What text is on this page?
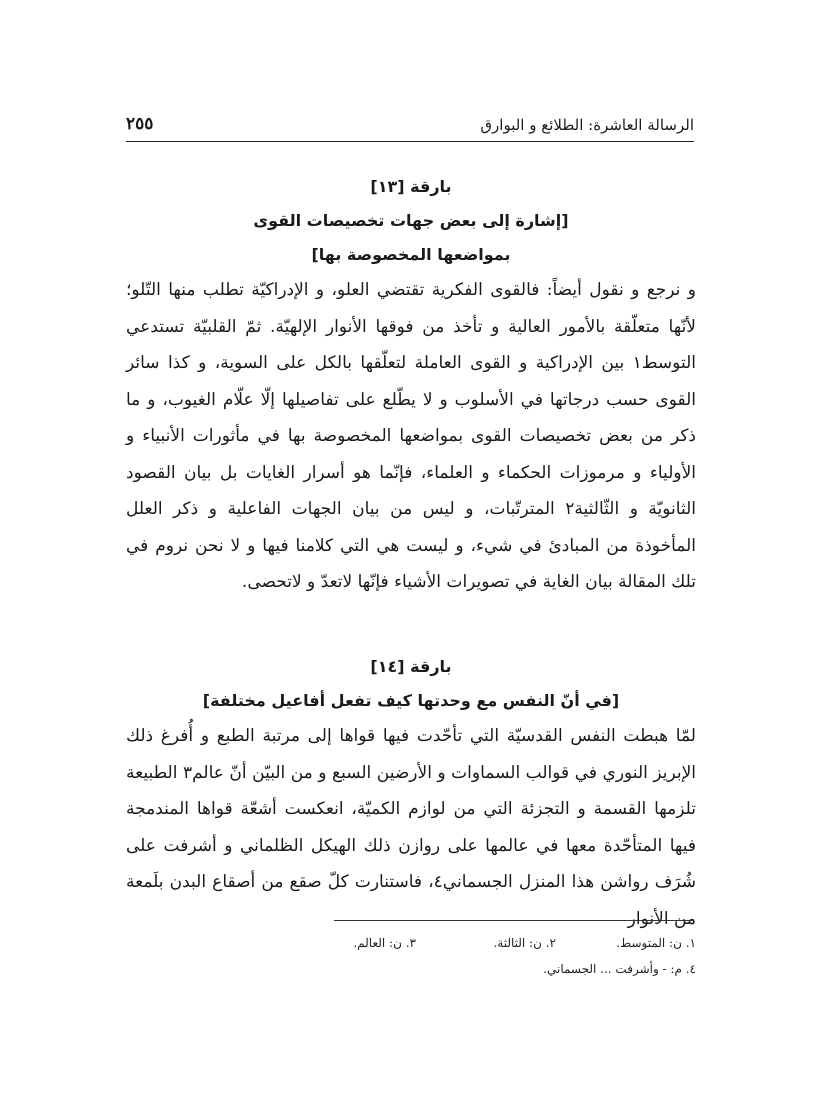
الرسالة العاشرة: الطلائع و البوارق
٢٥٥
بارقة [١٣]
[إشارة إلى بعض جهات تخصيصات القوى
بمواضعها المخصوصة بها]

و نرجع و نقول أيضاً: فالقوى الفكرية تقتضي العلو، و الإدراكيّة تطلب منها التّلو؛ لأنّها متعلّقة بالأمور العالية و تأخذ من فوقها الأنوار الإلهيّة. ثمّ القلبيّة تستدعي التوسط١ بين الإدراكية و القوى العاملة لتعلّقها بالكل على السوية، و كذا سائر القوى حسب درجاتها في الأسلوب و لا يطّلع على تفاصيلها إلّا علّام الغيوب، و ما ذكر من بعض تخصيصات القوى بمواضعها المخصوصة بها في مأثورات الأنبياء و الأولياء و مرموزات الحكماء و العلماء، فإنّما هو أسرار الغايات بل بيان القصود الثانويّة و الثّالثية٢ المترتّبات، و ليس من بيان الجهات الفاعلية و ذكر العلل المأخوذة من المبادئ في شيء، و ليست هي التي كلامنا فيها و لا نحن نروم في تلك المقالة بيان الغاية في تصويرات الأشياء فإنّها لاتعدّ و لاتحصى.

بارقة [١٤]
[في أنّ النفس مع وحدتها كيف تفعل أفاعيل مختلفة]

لمّا هبطت النفس القدسيّة التي تأحّدت فيها قواها إلى مرتبة الطبع و أُفرغ ذلك الإبريز النوري في قوالب السماوات و الأرضين السبع و من البيّن أنّ عالم٣ الطبيعة تلزمها القسمة و التجزئة التي من لوازم الكميّة، انعكست أشعّة قواها المندمجة فيها المتأحّدة معها في عالمها على روازن ذلك الهيكل الظلماني و أشرفت على شُرَف رواشن هذا المنزل الجسماني٤، فاستنارت كلّ صقع من أصقاع البدن بلَمعة من الأنوار

١. ن: المتوسط.
٢. ن: الثالثة.
٣. ن: العالم.
٤. م: - وأشرفت ... الجسماني.
